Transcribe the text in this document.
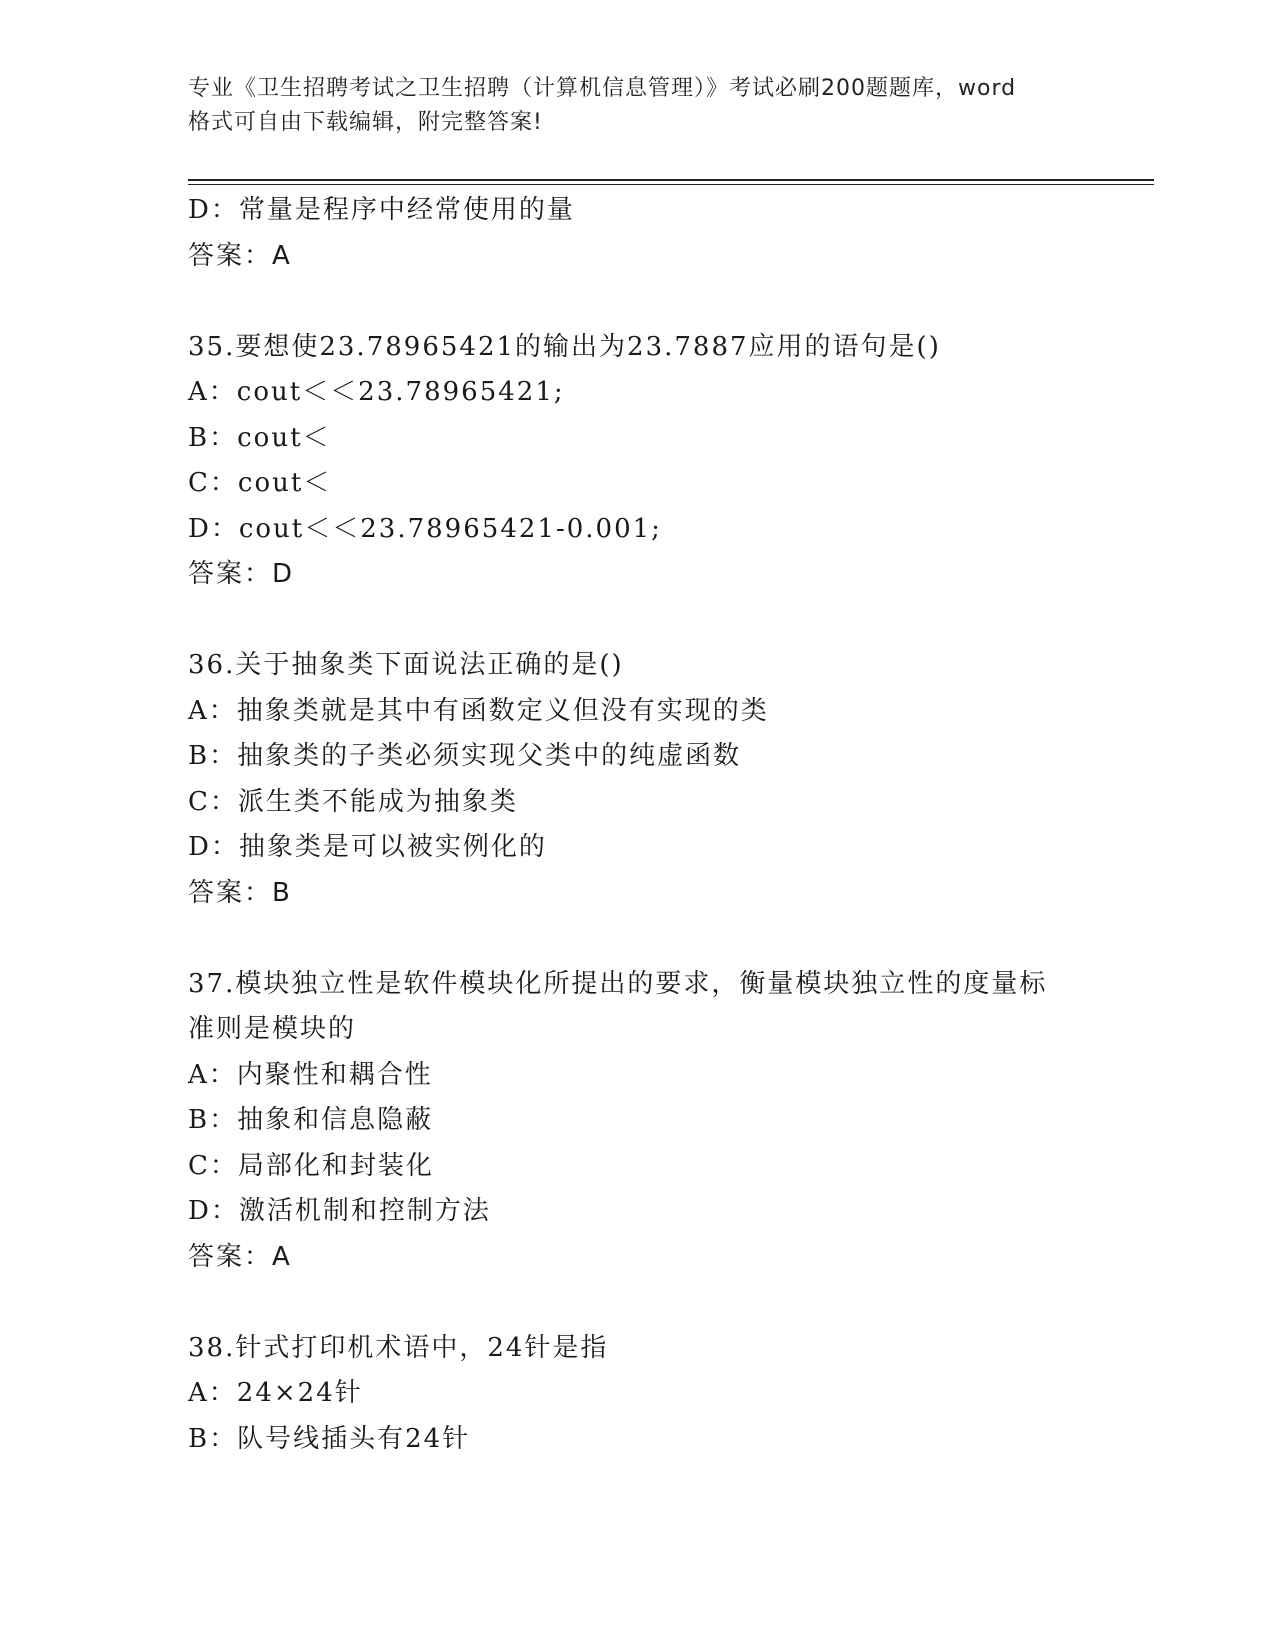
专业《卫生招聘考试之卫生招聘（计算机信息管理）》考试必刷200题题库，word
格式可自由下载编辑，附完整答案!
D：常量是程序中经常使用的量
答案：A
35.要想使23.78965421的输出为23.7887应用的语句是()
A：cout＜＜23.78965421;
B：cout＜
C：cout＜
D：cout＜＜23.78965421-0.001;
答案：D
36.关于抽象类下面说法正确的是()
A：抽象类就是其中有函数定义但没有实现的类
B：抽象类的子类必须实现父类中的纯虚函数
C：派生类不能成为抽象类
D：抽象类是可以被实例化的
答案：B
37.模块独立性是软件模块化所提出的要求，衡量模块独立性的度量标
准则是模块的
A：内聚性和耦合性
B：抽象和信息隐蔽
C：局部化和封装化
D：激活机制和控制方法
答案：A
38.针式打印机术语中，24针是指
A：24×24针
B：队号线插头有24针
